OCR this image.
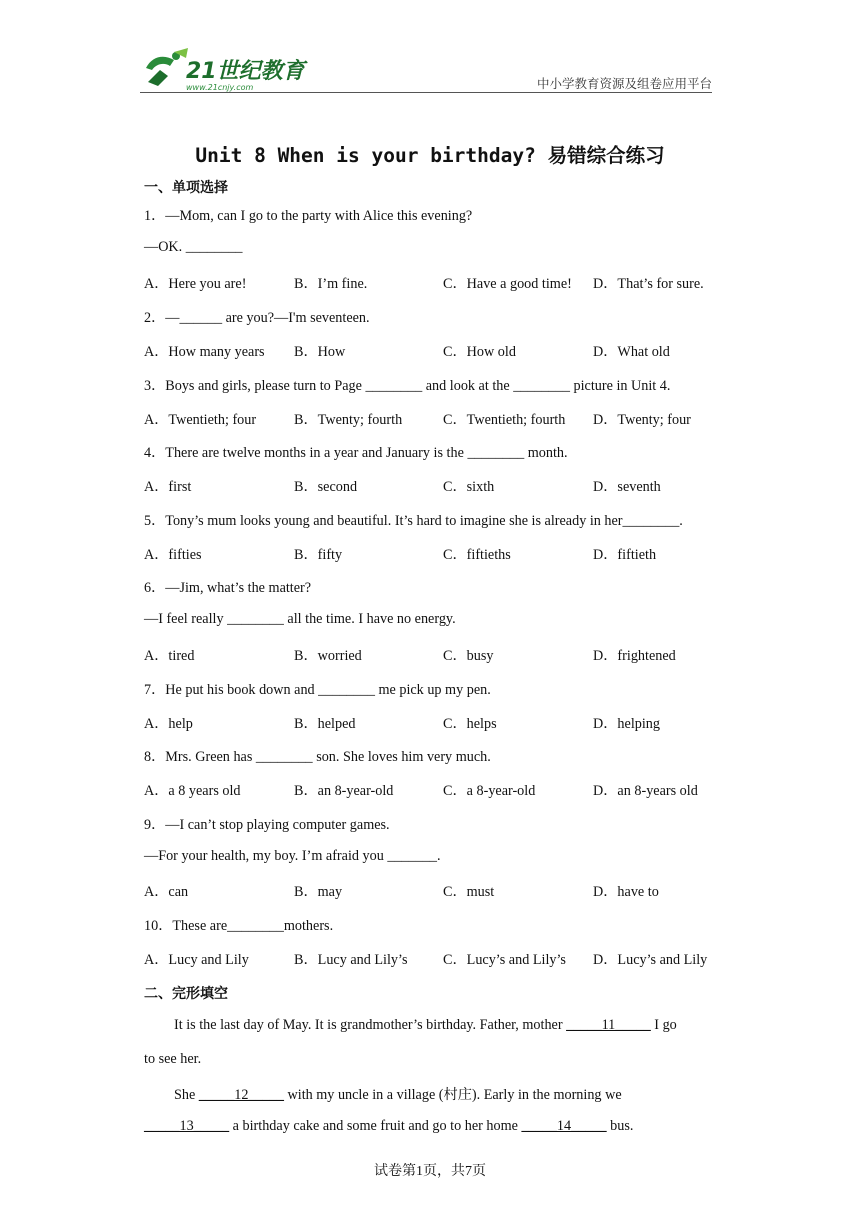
21世纪教育
www.21cnjy.com	中小学教育资源及组卷应用平台
Unit 8 When is your birthday? 易错综合练习
一、单项选择
1．—Mom, can I go to the party with Alice this evening?
—OK. ________
A．Here you are!	B．I’m fine.	C．Have a good time! D．That’s for sure.
2．—______ are you?—I'm seventeen.
A．How many years B．How	C．How old	D．What old
3．Boys and girls, please turn to Page ________ and look at the ________ picture in Unit 4.
A．Twentieth; four	B．Twenty; fourth	C．Twentieth; fourth D．Twenty; four
4．There are twelve months in a year and January is the ________ month.
A．first	B．second	C．sixth	D．seventh
5．Tony’s mum looks young and beautiful. It’s hard to imagine she is already in her________.
A．fifties	B．fifty	C．fiftieths	D．fiftieth
6．—Jim, what’s the matter?
—I feel really ________ all the time. I have no energy.
A．tired	B．worried	C．busy	D．frightened
7．He put his book down and ________ me pick up my pen.
A．help	B．helped	C．helps	D．helping
8．Mrs. Green has ________ son. She loves him very much.
A．a 8 years old	B．an 8-year-old	C．a 8-year-old	D．an 8-years old
9．—I can’t stop playing computer games.
—For your health, my boy. I’m afraid you _______.
A．can	B．may	C．must	D．have to
10．These are________mothers.
A．Lucy and Lily	B．Lucy and Lily’s	C．Lucy’s and Lily’s D．Lucy’s and Lily
二、完形填空
It is the last day of May. It is grandmother’s birthday. Father, mother _____11_____ I go
to see her.
She _____12_____ with my uncle in a village (村庄). Early in the morning we
_____13_____ a birthday cake and some fruit and go to her home _____14_____ bus.
试卷第1页，共7页
